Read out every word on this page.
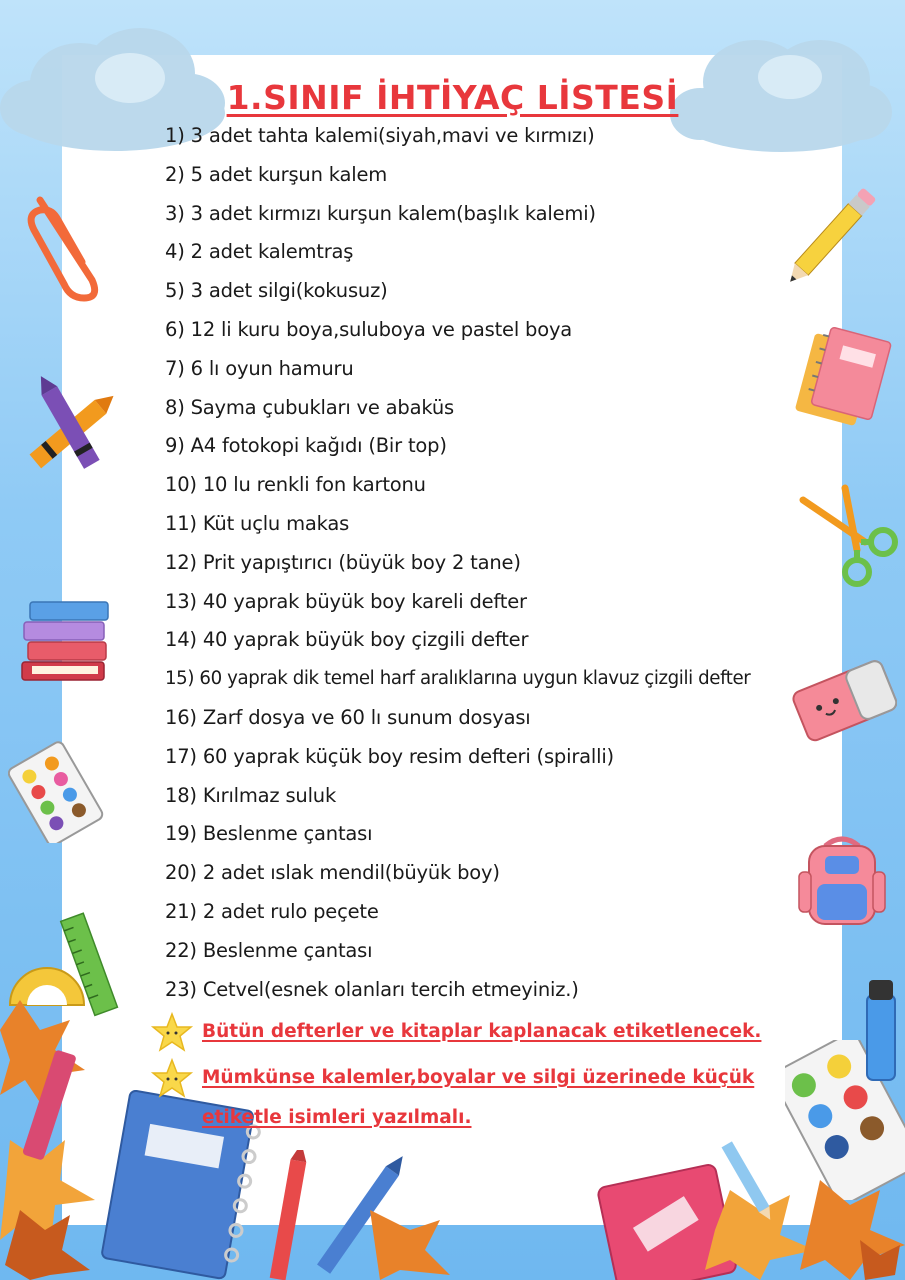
1.SINIF İHTİYAÇ LİSTESİ
1) 3 adet tahta kalemi(siyah,mavi ve kırmızı)
2) 5 adet kurşun kalem
3) 3 adet kırmızı kurşun kalem(başlık kalemi)
4) 2 adet kalemtraş
5) 3 adet silgi(kokusuz)
6) 12 li kuru boya,suluboya ve pastel boya
7) 6 lı oyun hamuru
8) Sayma çubukları ve abaküs
9) A4 fotokopi kağıdı (Bir top)
10) 10 lu renkli fon kartonu
11) Küt uçlu makas
12) Prit yapıştırıcı (büyük boy 2 tane)
13) 40 yaprak büyük boy kareli defter
14) 40 yaprak büyük boy çizgili defter
15) 60 yaprak dik temel harf aralıklarına uygun klavuz çizgili defter
16) Zarf dosya ve 60 lı sunum dosyası
17) 60 yaprak küçük boy resim defteri (spiralli)
18) Kırılmaz suluk
19) Beslenme çantası
20) 2 adet ıslak mendil(büyük boy)
21) 2 adet rulo peçete
22) Beslenme çantası
23) Cetvel(esnek olanları tercih etmeyiniz.)
Bütün defterler ve kitaplar kaplanacak etiketlenecek.
Mümkünse kalemler,boyalar ve silgi üzerinede küçük
etiketle isimleri yazılmalı.
